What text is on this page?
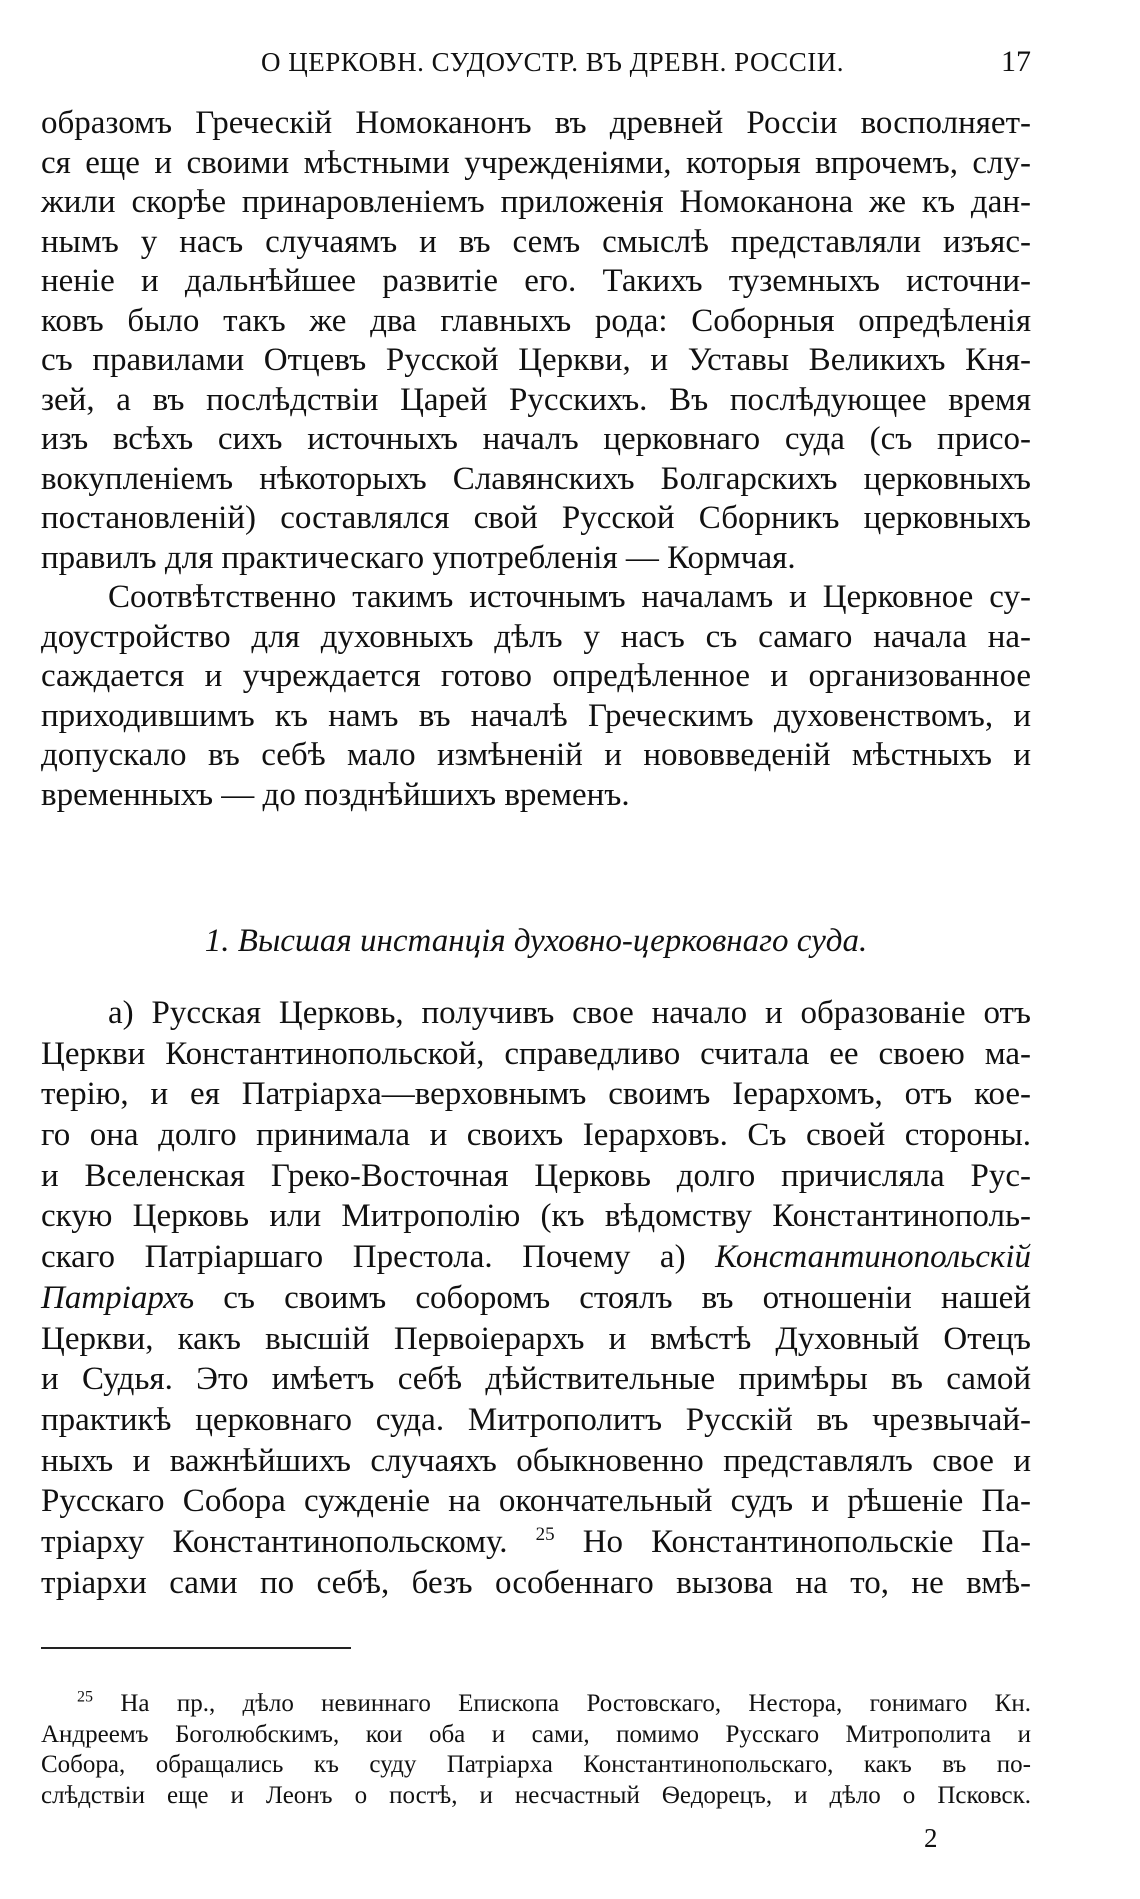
О ЦЕРКОВН. СУДОУСТР. ВЪ ДРЕВН. РОССІИ.	17
образомъ Греческій Номоканонъ въ древней Россіи восполняет-
ся еще и своими мѣстными учрежденіями, которыя впрочемъ, слу-
жили скорѣе принаровленіемъ приложенія Номоканона же къ дан-
нымъ у насъ случаямъ и въ семъ смыслѣ представляли изъяс-
неніе и дальнѣйшее развитіе его. Такихъ туземныхъ источни-
ковъ было такъ же два главныхъ рода: Соборныя опредѣленія
съ правилами Отцевъ Русской Церкви, и Уставы Великихъ Кня-
зей, а въ послѣдствіи Царей Русскихъ. Въ послѣдующее время
изъ всѣхъ сихъ источныхъ началъ церковнаго суда (съ присо-
вокупленіемъ нѣкоторыхъ Славянскихъ Болгарскихъ церковныхъ
постановленій) составлялся свой Русской Сборникъ церковныхъ
правилъ для практическаго употребленія — Кормчая.
Соотвѣтственно такимъ источнымъ началамъ и Церковное су-
доустройство для духовныхъ дѣлъ у насъ съ самаго начала на-
саждается и учреждается готово опредѣленное и организованное
приходившимъ къ намъ въ началѣ Греческимъ духовенствомъ, и
допускало въ себѣ мало измѣненій и нововведеній мѣстныхъ и
временныхъ — до позднѣйшихъ временъ.
1. Высшая инстанція духовно-церковнаго суда.
а) Русская Церковь, получивъ свое начало и образованіе отъ
Церкви Константинопольской, справедливо считала ее своею ма-
терію, и ея Патріарха—верховнымъ своимъ Іерархомъ, отъ кое-
го она долго принимала и своихъ Іерарховъ. Съ своей стороны.
и Вселенская Греко-Восточная Церковь долго причисляла Рус-
скую Церковь или Митрополію (къ вѣдомству Константинополь-
скаго Патріаршаго Престола. Почему а) Константинопольскій
Патріархъ съ своимъ соборомъ стоялъ въ отношеніи нашей
Церкви, какъ высшій Первоіерархъ и вмѣстѣ Духовный Отецъ
и Судья. Это имѣетъ себѣ дѣйствительные примѣры въ самой
практикѣ церковнаго суда. Митрополитъ Русскій въ чрезвычай-
ныхъ и важнѣйшихъ случаяхъ обыкновенно представлялъ свое и
Русскаго Собора сужденіе на окончательный судъ и рѣшеніе Па-
тріарху Константинопольскому. $^{25}$ Но Константинопольскіе Па-
тріархи сами по себѣ, безъ особеннаго вызова на то, не вмѣ-
$^{25}$ На пр., дѣло невиннаго Епископа Ростовскаго, Нестора, гонимаго Кн.
Андреемъ Боголюбскимъ, кои оба и сами, помимо Русскаго Митрополита и
Собора, обращались къ суду Патріарха Константинопольскаго, какъ въ по-
слѣдствіи еще и Леонъ о постѣ, и несчастный Ѳедорецъ, и дѣло о Псковск.
2
